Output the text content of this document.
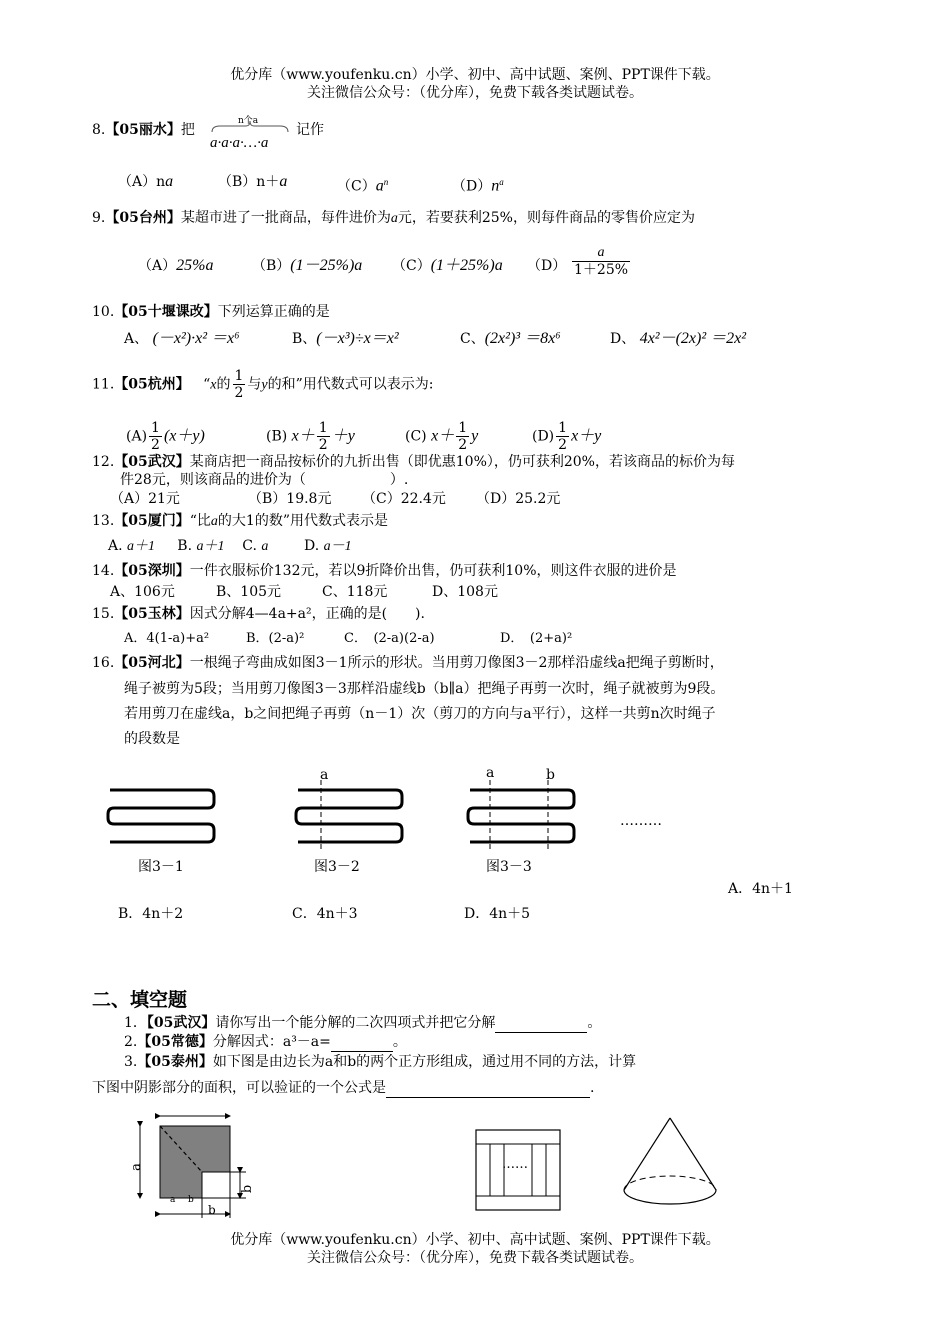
优分库（www.youfenku.cn）小学、初中、高中试题、案例、PPT课件下载。
关注微信公众号：（优分库），免费下载各类试题试卷。
8.【05丽水】把
n个a
a·a·a·…·a
记作
（A）na	（B）n＋a	$(C)a^n$	$(D)n^a$
9.【05台州】某超市进了一批商品，每件进价为a元，若要获利25%，则每件商品的零售价应定为
（A）25%a	（B）(1－25%)a （C）(1＋25%)a $(D) \frac{a}{1+25\%}$
10.【05十堰课改】下列运算正确的是
A、 (－x²)·x² ＝x⁶	B、(－x³)÷x＝x²	C、(2x²)³ ＝8x⁶	D、 4x²－(2x)² ＝2x²
11.【05杭州】 “x的 $\frac{1}{2}$ 与y的和”用代数式可以表示为:
$(A) \frac{1}{2} (x+y)$	(B) $x+ \frac{1}{2} +y$	(C) $x+ \frac{1}{2}$ y	$(D) \frac{1}{2} x+y$
12.【05武汉】某商店把一商品按标价的九折出售（即优惠10%），仍可获利20%，若该商品的标价为每
件28元，则该商品的进价为（　　　　　　）.
（A）21元	（B）19.8元 （C）22.4元 （D）25.2元
13.【05厦门】“比a的大1的数”用代数式表示是
A. a＋1 B. a＋1 C. a	D. a－1
14.【05深圳】一件衣服标价132元，若以9折降价出售，仍可获利10%，则这件衣服的进价是
A、106元	B、105元	C、118元	D、108元
15.【05玉林】因式分解4—4a+a²，正确的是(　　).
A．4(1-a)+a²	B．(2-a)²	C．　(2-a)(2-a)	D．　(2+a)²
16.【05河北】一根绳子弯曲成如图3－1所示的形状。当用剪刀像图3－2那样沿虚线a把绳子剪断时，
绳子被剪为5段；当用剪刀像图3－3那样沿虚线b（b∥a）把绳子再剪一次时，绳子就被剪为9段。
若用剪刀在虚线a，b之间把绳子再剪（n－1）次（剪刀的方向与a平行），这样一共剪n次时绳子
的段数是
图3－1
a
图3－2
a	b
图3－3
………
A．4n＋1
B．4n＋2	C．4n＋3	D．4n＋5
二、填空题
1．【05武汉】请你写出一个能分解的二次四项式并把它分解	。
2.【05常德】分解因式：a³－a=	。
3.【05泰州】如下图是由边长为a和b的两个正方形组成，通过用不同的方法，计算
下图中阴影部分的面积，可以验证的一个公式是	.
a
b
a b
b
……
优分库（www.youfenku.cn）小学、初中、高中试题、案例、PPT课件下载。
关注微信公众号：（优分库），免费下载各类试题试卷。
